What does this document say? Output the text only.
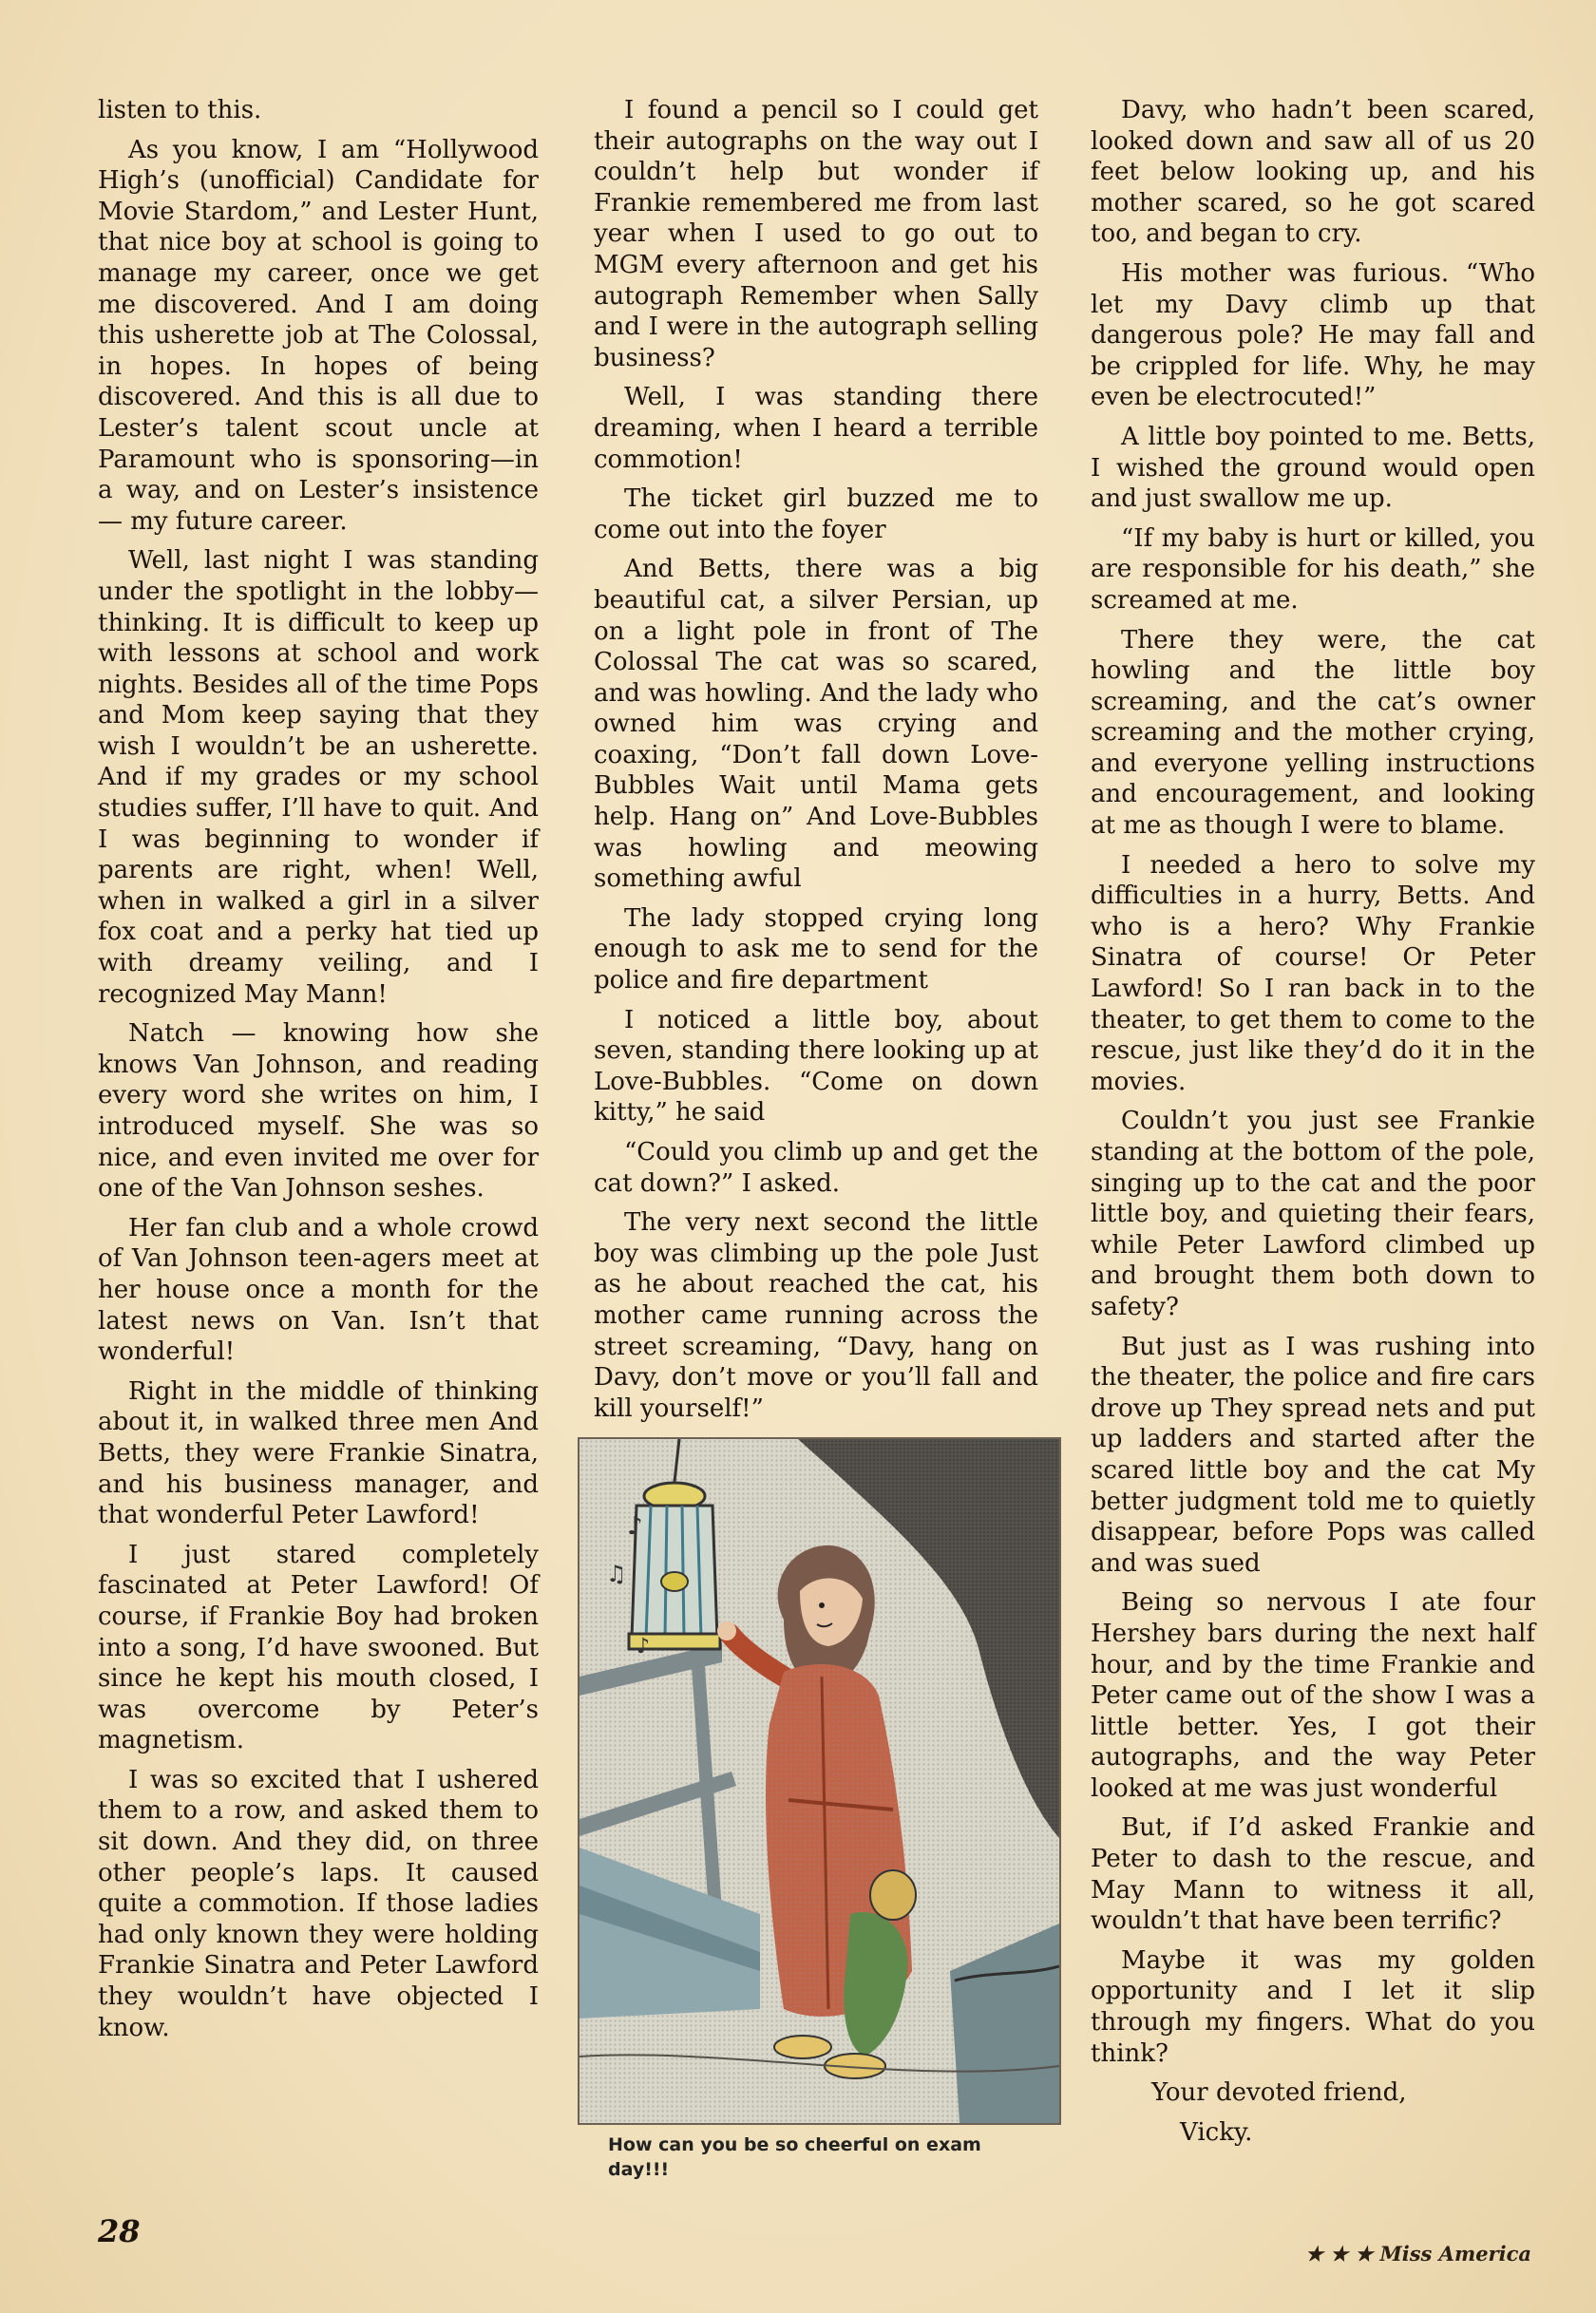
listen to this.

As you know, I am “Hollywood High’s (unofficial) Candidate for Movie Stardom,” and Lester Hunt, that nice boy at school is going to manage my career, once we get me discovered. And I am doing this usherette job at The Colossal, in hopes. In hopes of being discovered. And this is all due to Lester’s talent scout uncle at Paramount who is sponsoring—in a way, and on Lester’s insistence — my future career.

Well, last night I was standing under the spotlight in the lobby—thinking. It is difficult to keep up with lessons at school and work nights. Besides all of the time Pops and Mom keep saying that they wish I wouldn’t be an usherette. And if my grades or my school studies suffer, I’ll have to quit. And I was beginning to wonder if parents are right, when! Well, when in walked a girl in a silver fox coat and a perky hat tied up with dreamy veiling, and I recognized May Mann!

Natch — knowing how she knows Van Johnson, and reading every word she writes on him, I introduced myself. She was so nice, and even invited me over for one of the Van Johnson seshes.

Her fan club and a whole crowd of Van Johnson teen-agers meet at her house once a month for the latest news on Van. Isn’t that wonderful!

Right in the middle of thinking about it, in walked three men And Betts, they were Frankie Sinatra, and his business manager, and that wonderful Peter Lawford!

I just stared completely fascinated at Peter Lawford! Of course, if Frankie Boy had broken into a song, I’d have swooned. But since he kept his mouth closed, I was overcome by Peter’s magnetism.

I was so excited that I ushered them to a row, and asked them to sit down. And they did, on three other people’s laps. It caused quite a commotion. If those ladies had only known they were holding Frankie Sinatra and Peter Lawford they wouldn’t have objected I know.

I found a pencil so I could get their autographs on the way out I couldn’t help but wonder if Frankie remembered me from last year when I used to go out to MGM every afternoon and get his autograph Remember when Sally and I were in the autograph selling business?

Well, I was standing there dreaming, when I heard a terrible commotion!

The ticket girl buzzed me to come out into the foyer

And Betts, there was a big beautiful cat, a silver Persian, up on a light pole in front of The Colossal The cat was so scared, and was howling. And the lady who owned him was crying and coaxing, “Don’t fall down Love-Bubbles Wait until Mama gets help. Hang on” And Love-Bubbles was howling and meowing something awful

The lady stopped crying long enough to ask me to send for the police and fire department

I noticed a little boy, about seven, standing there looking up at Love-Bubbles. “Come on down kitty,” he said

“Could you climb up and get the cat down?” I asked.

The very next second the little boy was climbing up the pole Just as he about reached the cat, his mother came running across the street screaming, “Davy, hang on Davy, don’t move or you’ll fall and kill yourself!”

Davy, who hadn’t been scared, looked down and saw all of us 20 feet below looking up, and his mother scared, so he got scared too, and began to cry.

His mother was furious. “Who let my Davy climb up that dangerous pole? He may fall and be crippled for life. Why, he may even be electrocuted!”

A little boy pointed to me. Betts, I wished the ground would open and just swallow me up.

“If my baby is hurt or killed, you are responsible for his death,” she screamed at me.

There they were, the cat howling and the little boy screaming, and the cat’s owner screaming and the mother crying, and everyone yelling instructions and encouragement, and looking at me as though I were to blame.

I needed a hero to solve my difficulties in a hurry, Betts. And who is a hero? Why Frankie Sinatra of course! Or Peter Lawford! So I ran back in to the theater, to get them to come to the rescue, just like they’d do it in the movies.

Couldn’t you just see Frankie standing at the bottom of the pole, singing up to the cat and the poor little boy, and quieting their fears, while Peter Lawford climbed up and brought them both down to safety?

But just as I was rushing into the theater, the police and fire cars drove up They spread nets and put up ladders and started after the scared little boy and the cat My better judgment told me to quietly disappear, before Pops was called and was sued

Being so nervous I ate four Hershey bars during the next half hour, and by the time Frankie and Peter came out of the show I was a little better. Yes, I got their autographs, and the way Peter looked at me was just wonderful

But, if I’d asked Frankie and Peter to dash to the rescue, and May Mann to witness it all, wouldn’t that have been terrific?

Maybe it was my golden opportunity and I let it slip through my fingers. What do you think?

Your devoted friend,

Vicky.

♪
♫
♪
How can you be so cheerful on exam day!!!
28
★ ★ ★ Miss America
